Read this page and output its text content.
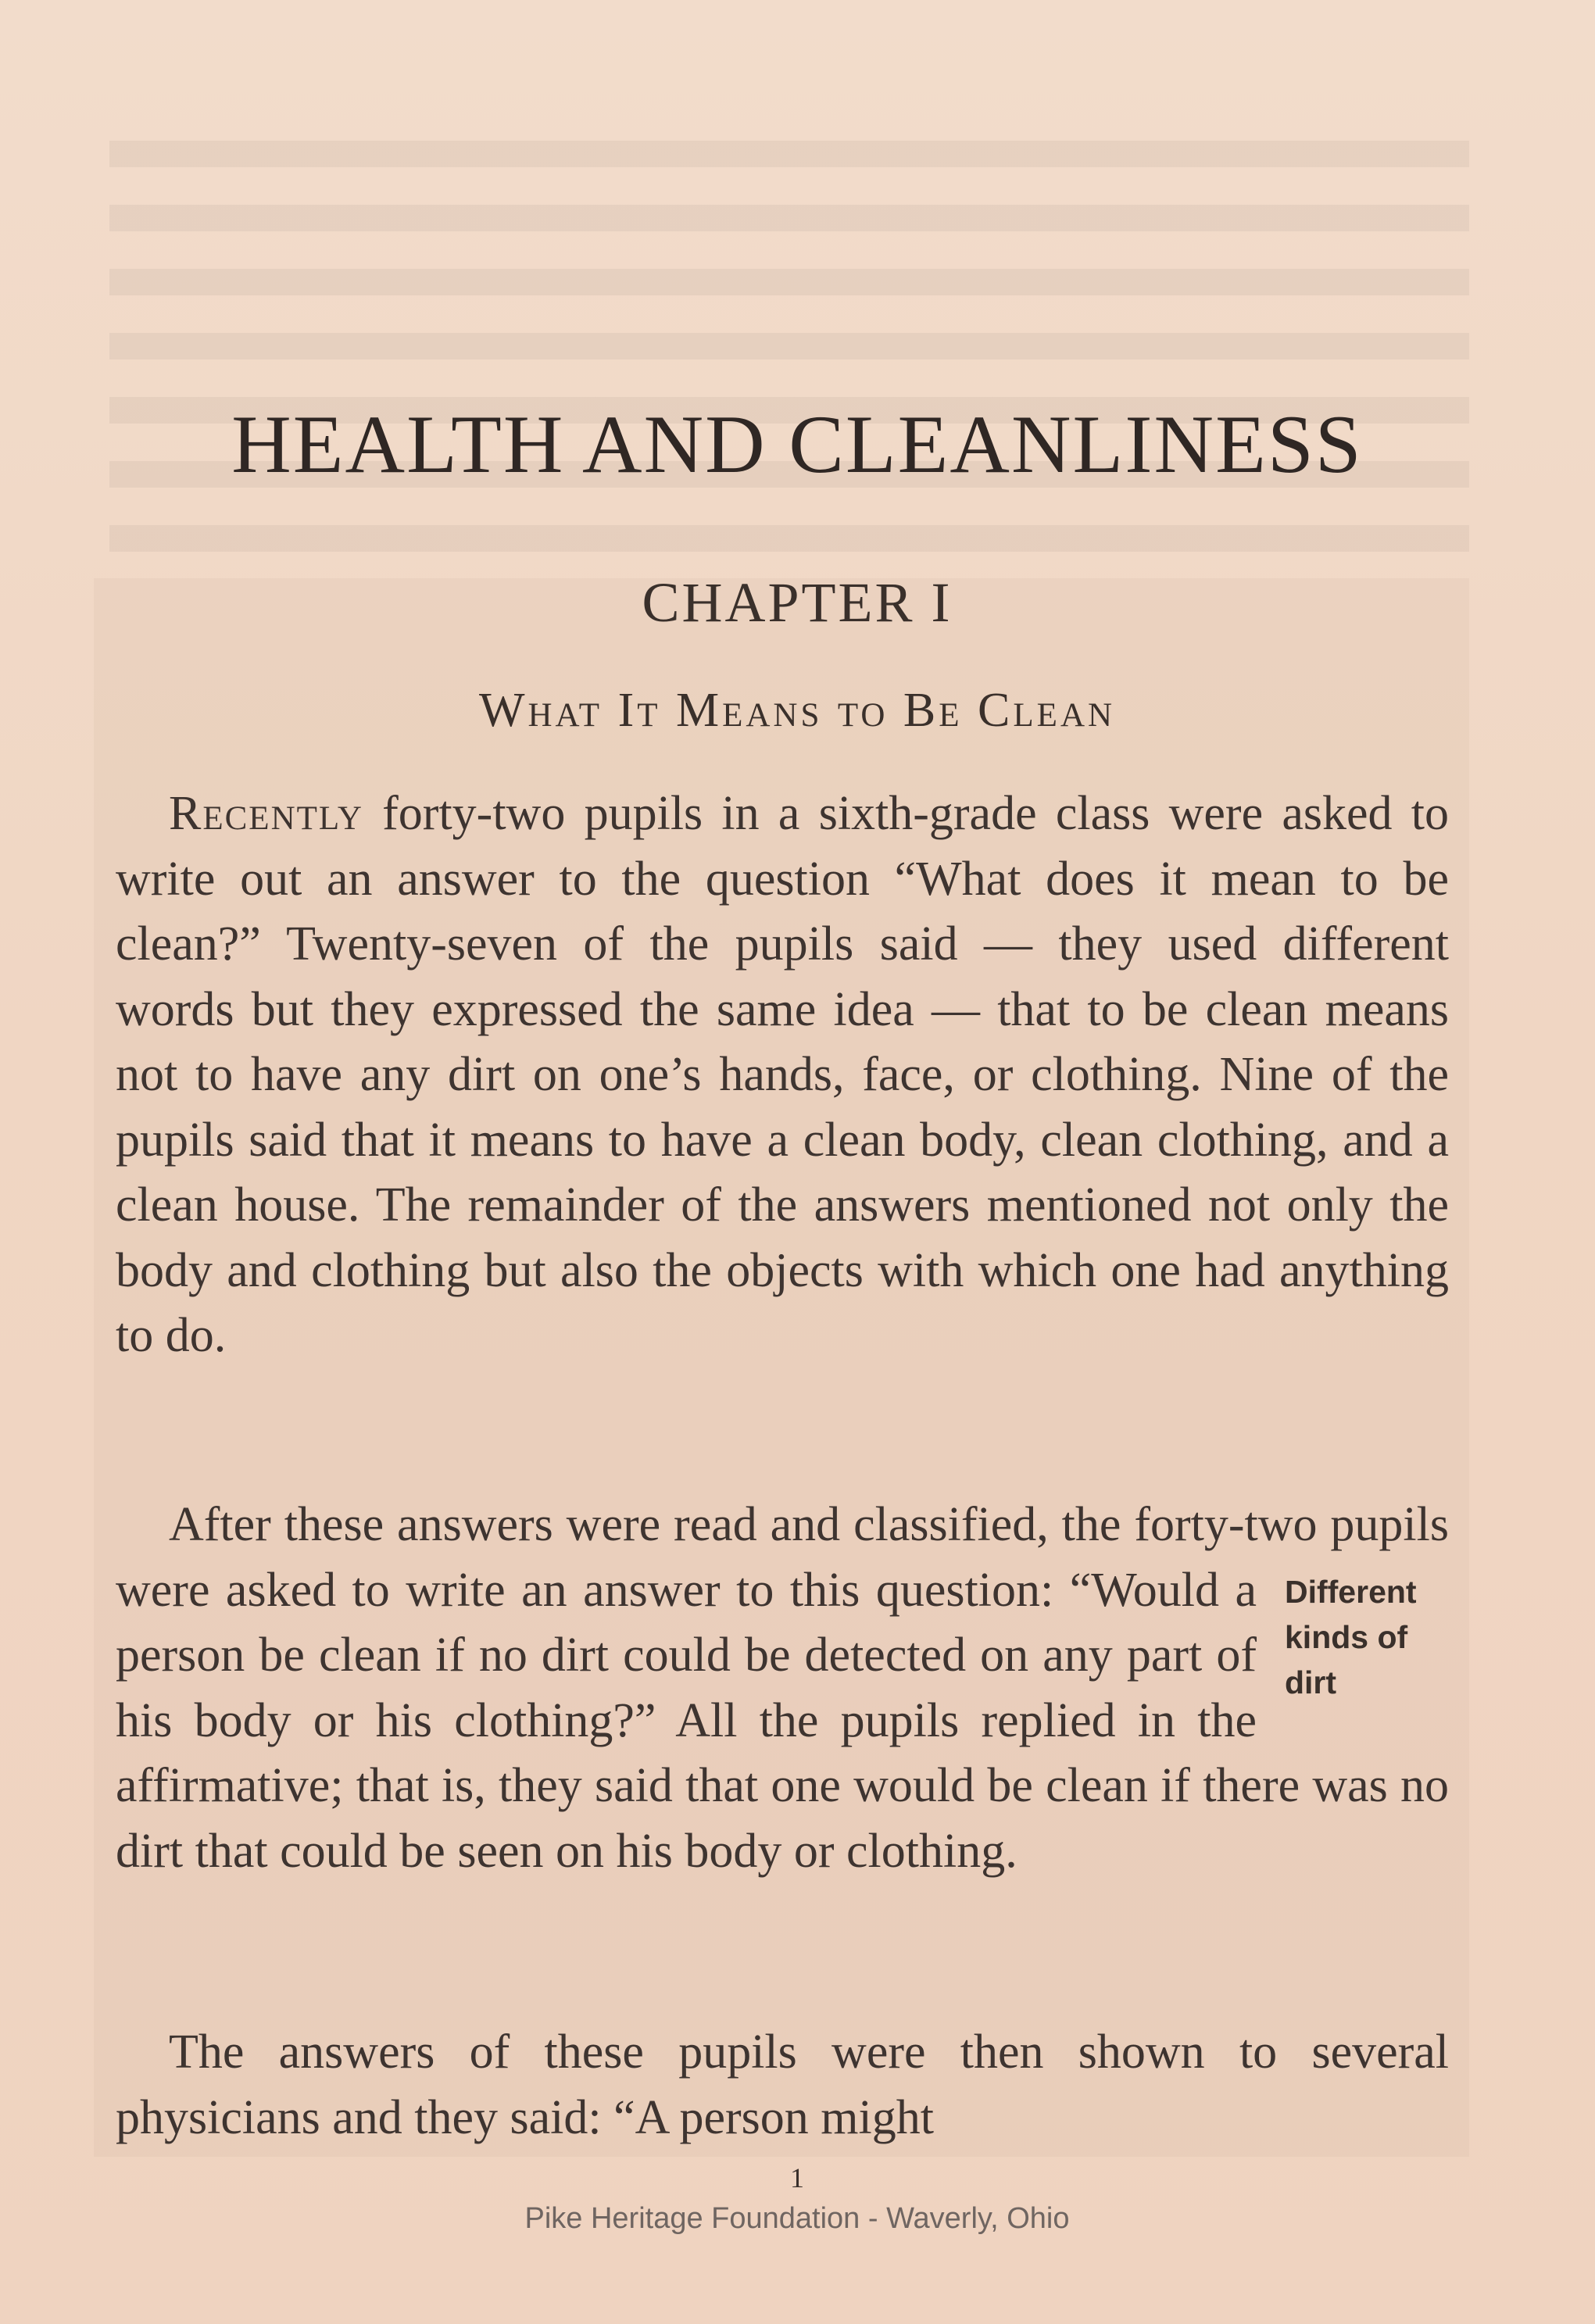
HEALTH AND CLEANLINESS
CHAPTER I
What It Means to Be Clean

Recently forty-two pupils in a sixth-grade class were asked to write out an answer to the question “What does it mean to be clean?” Twenty-seven of the pupils said — they used different words but they expressed the same idea — that to be clean means not to have any dirt on one’s hands, face, or clothing. Nine of the pupils said that it means to have a clean body, clean clothing, and a clean house. The remainder of the answers mentioned not only the body and clothing but also the objects with which one had anything to do.

After these answers were read and classified, the forty-two pupils were asked to write an answer to this question:	Different kinds of dirt
“Would a person be clean if no dirt could be detected on any part of his body or his clothing?” All the pupils replied in the affirmative; that is, they said that one would be clean if there was no dirt that could be seen on his body or clothing.

The answers of these pupils were then shown to several physicians and they said: “A person might

1

Pike Heritage Foundation - Waverly, Ohio
